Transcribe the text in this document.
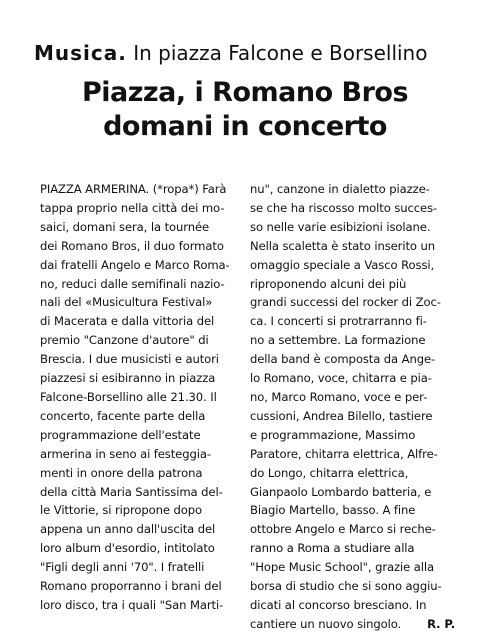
Musica. In piazza Falcone e Borsellino
Piazza, i Romano Bros
domani in concerto
PIAZZA ARMERINA. (*ropa*) Farà
tappa proprio nella città dei mo-
saici, domani sera, la tournée
dei Romano Bros, il duo formato
dai fratelli Angelo e Marco Roma-
no, reduci dalle semifinali nazio-
nali del «Musicultura Festival»
di Macerata e dalla vittoria del
premio "Canzone d'autore" di
Brescia. I due musicisti e autori
piazzesi si esibiranno in piazza
Falcone-Borsellino alle 21.30. Il
concerto, facente parte della
programmazione dell'estate
armerina in seno ai festeggia-
menti in onore della patrona
della città Maria Santissima del-
le Vittorie, si ripropone dopo
appena un anno dall'uscita del
loro album d'esordio, intitolato
"Figli degli anni '70". I fratelli
Romano proporranno i brani del
loro disco, tra i quali "San Marti-
nu", canzone in dialetto piazze-
se che ha riscosso molto succes-
so nelle varie esibizioni isolane.
Nella scaletta è stato inserito un
omaggio speciale a Vasco Rossi,
riproponendo alcuni dei più
grandi successi del rocker di Zoc-
ca. I concerti si protrarranno fi-
no a settembre. La formazione
della band è composta da Ange-
lo Romano, voce, chitarra e pia-
no, Marco Romano, voce e per-
cussioni, Andrea Bilello, tastiere
e programmazione, Massimo
Paratore, chitarra elettrica, Alfre-
do Longo, chitarra elettrica,
Gianpaolo Lombardo batteria, e
Biagio Martello, basso. A fine
ottobre Angelo e Marco si reche-
ranno a Roma a studiare alla
"Hope Music School", grazie alla
borsa di studio che si sono aggiu-
dicati al concorso bresciano. In
cantiere un nuovo singolo. R. P.
